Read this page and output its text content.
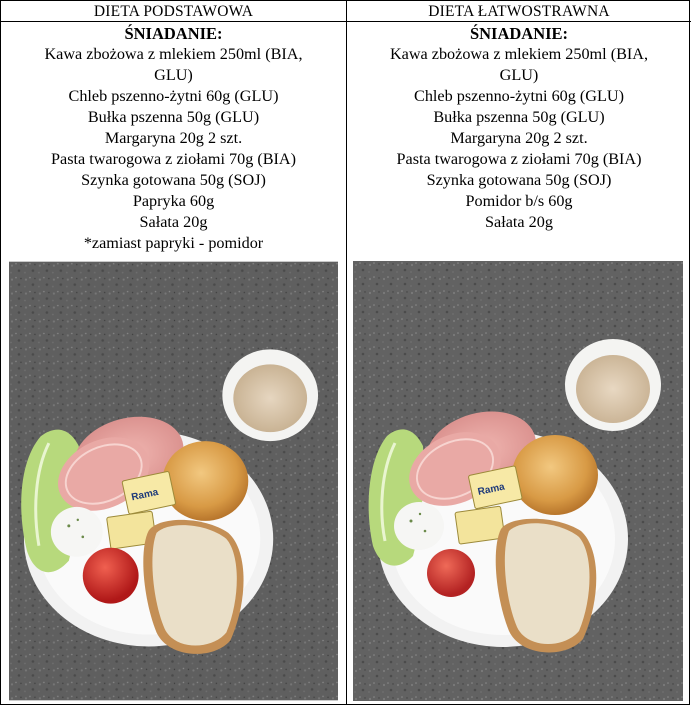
DIETA PODSTAWOWA
ŚNIADANIE:
Kawa zbożowa z mlekiem 250ml (BIA,
GLU)
Chleb pszenno-żytni 60g (GLU)
Bułka pszenna 50g (GLU)
Margaryna 20g 2 szt.
Pasta twarogowa z ziołami 70g (BIA)
Szynka gotowana 50g (SOJ)
Papryka 60g
Sałata 20g
*zamiast papryki - pomidor
Rama
DIETA ŁATWOSTRAWNA
ŚNIADANIE:
Kawa zbożowa z mlekiem 250ml (BIA,
GLU)
Chleb pszenno-żytni 60g (GLU)
Bułka pszenna 50g (GLU)
Margaryna 20g 2 szt.
Pasta twarogowa z ziołami 70g (BIA)
Szynka gotowana 50g (SOJ)
Pomidor b/s 60g
Sałata 20g
Rama
